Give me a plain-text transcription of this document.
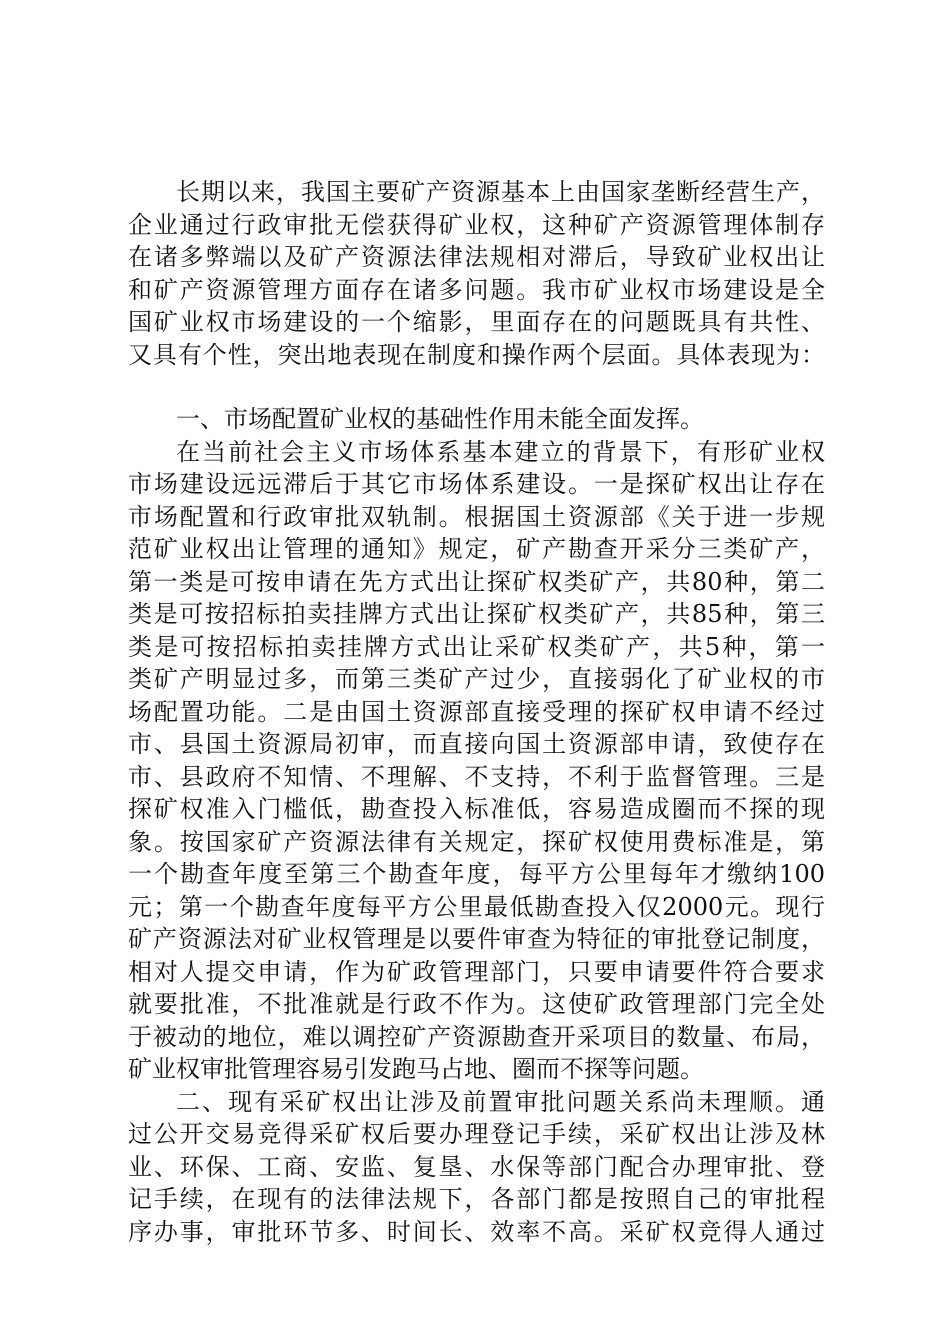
长期以来，我国主要矿产资源基本上由国家垄断经营生产，
企业通过行政审批无偿获得矿业权，这种矿产资源管理体制存
在诸多弊端以及矿产资源法律法规相对滞后，导致矿业权出让
和矿产资源管理方面存在诸多问题。我市矿业权市场建设是全
国矿业权市场建设的一个缩影，里面存在的问题既具有共性、
又具有个性，突出地表现在制度和操作两个层面。具体表现为：
一、市场配置矿业权的基础性作用未能全面发挥。
在当前社会主义市场体系基本建立的背景下，有形矿业权
市场建设远远滞后于其它市场体系建设。一是探矿权出让存在
市场配置和行政审批双轨制。根据国土资源部《关于进一步规
范矿业权出让管理的通知》规定，矿产勘查开采分三类矿产，
第一类是可按申请在先方式出让探矿权类矿产，共80种，第二
类是可按招标拍卖挂牌方式出让探矿权类矿产，共85种，第三
类是可按招标拍卖挂牌方式出让采矿权类矿产，共5种，第一
类矿产明显过多，而第三类矿产过少，直接弱化了矿业权的市
场配置功能。二是由国土资源部直接受理的探矿权申请不经过
市、县国土资源局初审，而直接向国土资源部申请，致使存在
市、县政府不知情、不理解、不支持，不利于监督管理。三是
探矿权准入门槛低，勘查投入标准低，容易造成圈而不探的现
象。按国家矿产资源法律有关规定，探矿权使用费标准是，第
一个勘查年度至第三个勘查年度，每平方公里每年才缴纳100
元；第一个勘查年度每平方公里最低勘查投入仅2000元。现行
矿产资源法对矿业权管理是以要件审查为特征的审批登记制度，
相对人提交申请，作为矿政管理部门，只要申请要件符合要求
就要批准，不批准就是行政不作为。这使矿政管理部门完全处
于被动的地位，难以调控矿产资源勘查开采项目的数量、布局，
矿业权审批管理容易引发跑马占地、圈而不探等问题。
二、现有采矿权出让涉及前置审批问题关系尚未理顺。通
过公开交易竞得采矿权后要办理登记手续，采矿权出让涉及林
业、环保、工商、安监、复垦、水保等部门配合办理审批、登
记手续，在现有的法律法规下，各部门都是按照自己的审批程
序办事，审批环节多、时间长、效率不高。采矿权竞得人通过
